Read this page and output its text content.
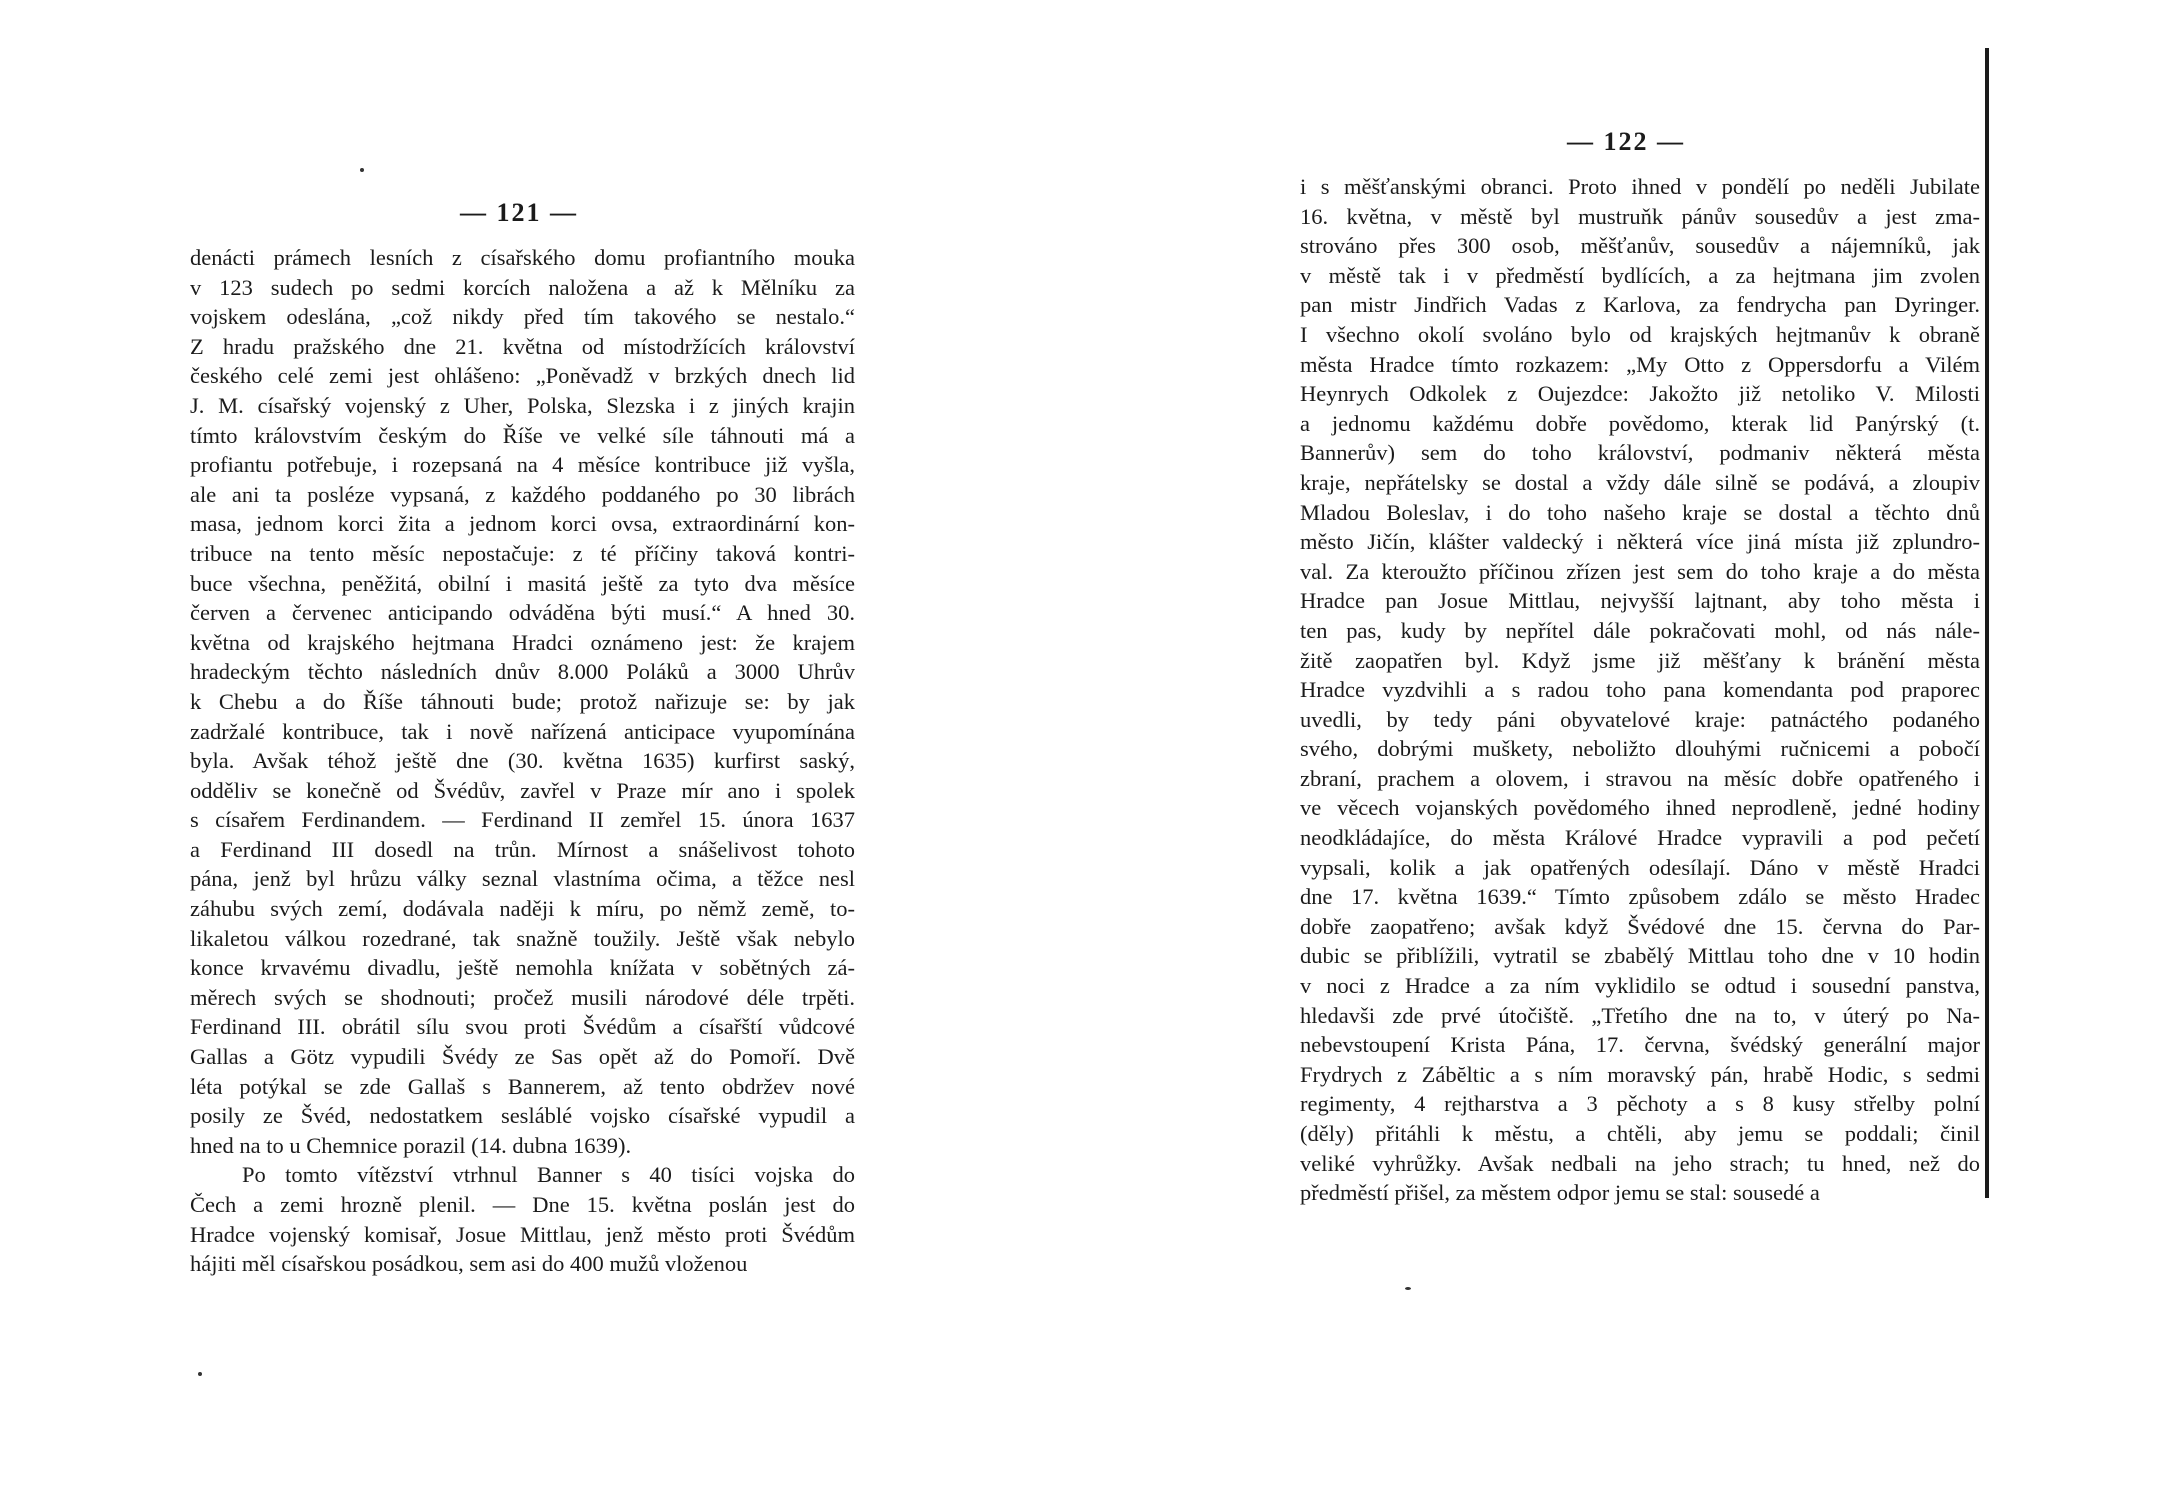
— 121 —
denácti prámech lesních z císařského domu profiantního mouka
v 123 sudech po sedmi korcích naložena a až k Mělníku za
vojskem odeslána, „což nikdy před tím takového se nestalo.“
Z hradu pražského dne 21. května od místodržících království
českého celé zemi jest ohlášeno: „Poněvadž v brzkých dnech lid
J. M. císařský vojenský z Uher, Polska, Slezska i z jiných krajin
tímto královstvím českým do Říše ve velké síle táhnouti má a
profiantu potřebuje, i rozepsaná na 4 měsíce kontribuce již vyšla,
ale ani ta posléze vypsaná, z každého poddaného po 30 librách
masa, jednom korci žita a jednom korci ovsa, extraordinární kon-
tribuce na tento měsíc nepostačuje: z té příčiny taková kontri-
buce všechna, peněžitá, obilní i masitá ještě za tyto dva měsíce
červen a červenec anticipando odváděna býti musí.“ A hned 30.
května od krajského hejtmana Hradci oznámeno jest: že krajem
hradeckým těchto následních dnův 8.000 Poláků a 3000 Uhrův
k Chebu a do Říše táhnouti bude; protož nařizuje se: by jak
zadržalé kontribuce, tak i nově nařízená anticipace vyupomínána
byla. Avšak téhož ještě dne (30. května 1635) kurfirst saský,
odděliv se konečně od Švédův, zavřel v Praze mír ano i spolek
s císařem Ferdinandem. — Ferdinand II zemřel 15. února 1637
a Ferdinand III dosedl na trůn. Mírnost a snášelivost tohoto
pána, jenž byl hrůzu války seznal vlastníma očima, a těžce nesl
záhubu svých zemí, dodávala naději k míru, po němž země, to-
likaletou válkou rozedrané, tak snažně toužily. Ještě však nebylo
konce krvavému divadlu, ještě nemohla knížata v sobětných zá-
měrech svých se shodnouti; pročež musili národové déle trpěti.
Ferdinand III. obrátil sílu svou proti Švédům a císařští vůdcové
Gallas a Götz vypudili Švédy ze Sas opět až do Pomoří. Dvě
léta potýkal se zde Gallaš s Bannerem, až tento obdržev nové
posily ze Švéd, nedostatkem sesláblé vojsko císařské vypudil a
hned na to u Chemnice porazil (14. dubna 1639).
Po tomto vítězství vtrhnul Banner s 40 tisíci vojska do
Čech a zemi hrozně plenil. — Dne 15. května poslán jest do
Hradce vojenský komisař, Josue Mittlau, jenž město proti Švédům
hájiti měl císařskou posádkou, sem asi do 400 mužů vloženou
— 122 —
i s měšťanskými obranci. Proto ihned v pondělí po neděli Jubilate
16. května, v městě byl mustruňk pánův sousedův a jest zma-
strováno přes 300 osob, měšťanův, sousedův a nájemníků, jak
v městě tak i v předměstí bydlících, a za hejtmana jim zvolen
pan mistr Jindřich Vadas z Karlova, za fendrycha pan Dyringer.
I všechno okolí svoláno bylo od krajských hejtmanův k obraně
města Hradce tímto rozkazem: „My Otto z Oppersdorfu a Vilém
Heynrych Odkolek z Oujezdce: Jakožto již netoliko V. Milosti
a jednomu každému dobře povědomo, kterak lid Panýrský (t.
Bannerův) sem do toho království, podmaniv některá města
kraje, nepřátelsky se dostal a vždy dále silně se podává, a zloupiv
Mladou Boleslav, i do toho našeho kraje se dostal a těchto dnů
město Jičín, klášter valdecký i některá více jiná místa již zplundro-
val. Za kteroužto příčinou zřízen jest sem do toho kraje a do města
Hradce pan Josue Mittlau, nejvyšší lajtnant, aby toho města i
ten pas, kudy by nepřítel dále pokračovati mohl, od nás nále-
žitě zaopatřen byl. Když jsme již měšťany k bránění města
Hradce vyzdvihli a s radou toho pana komendanta pod praporec
uvedli, by tedy páni obyvatelové kraje: patnáctého podaného
svého, dobrými muškety, neboližto dlouhými ručnicemi a pobočí
zbraní, prachem a olovem, i stravou na měsíc dobře opatřeného i
ve věcech vojanských povědomého ihned neprodleně, jedné hodiny
neodkládajíce, do města Králové Hradce vypravili a pod pečetí
vypsali, kolik a jak opatřených odesílají. Dáno v městě Hradci
dne 17. května 1639.“ Tímto způsobem zdálo se město Hradec
dobře zaopatřeno; avšak když Švédové dne 15. června do Par-
dubic se přiblížili, vytratil se zbabělý Mittlau toho dne v 10 hodin
v noci z Hradce a za ním vyklidilo se odtud i sousední panstva,
hledavši zde prvé útočiště. „Třetího dne na to, v úterý po Na-
nebevstoupení Krista Pána, 17. června, švédský generální major
Frydrych z Zábĕltic a s ním moravský pán, hrabě Hodic, s sedmi
regimenty, 4 rejtharstva a 3 pěchoty a s 8 kusy střelby polní
(děly) přitáhli k městu, a chtěli, aby jemu se poddali; činil
veliké vyhrůžky. Avšak nedbali na jeho strach; tu hned, než do
předměstí přišel, za městem odpor jemu se stal: sousedé a
